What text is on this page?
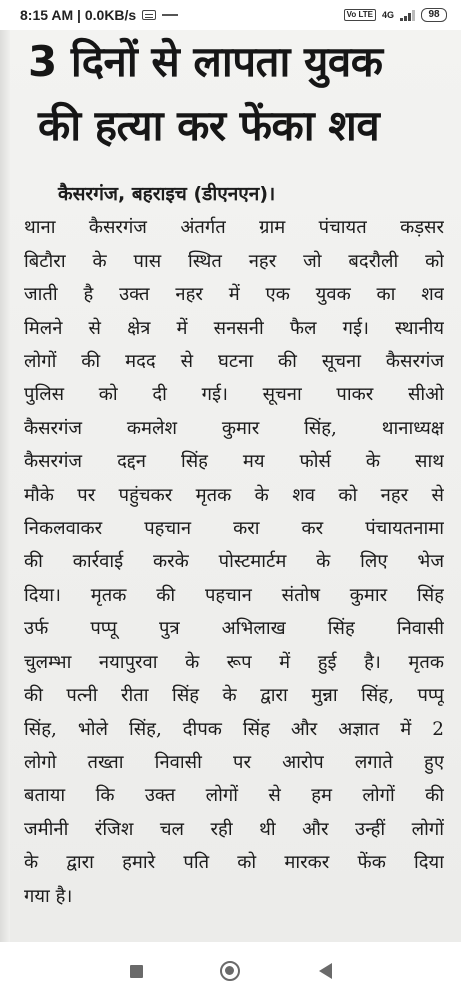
8:15 AM | 0.0KB/s	Vo LTE	4G	98
3 दिनों से लापता युवक
की हत्या कर फेंका शव
कैसरगंज, बहराइच (डीएनएन)।
थाना कैसरगंज अंतर्गत ग्राम पंचायत कड़सर
बिटौरा के पास स्थित नहर जो बदरौली को
जाती है उक्त नहर में एक युवक का शव
मिलने से क्षेत्र में सनसनी फैल गई। स्थानीय
लोगों की मदद से घटना की सूचना कैसरगंज
पुलिस को दी गई। सूचना पाकर सीओ
कैसरगंज कमलेश कुमार सिंह, थानाध्यक्ष
कैसरगंज दद्दन सिंह मय फोर्स के साथ
मौके पर पहुंचकर मृतक के शव को नहर से
निकलवाकर पहचान करा कर पंचायतनामा
की कार्रवाई करके पोस्टमार्टम के लिए भेज
दिया। मृतक की पहचान संतोष कुमार सिंह
उर्फ पप्पू पुत्र अभिलाख सिंह निवासी
चुलम्भा नयापुरवा के रूप में हुई है। मृतक
की पत्नी रीता सिंह के द्वारा मुन्ना सिंह, पप्पू
सिंह, भोले सिंह, दीपक सिंह और अज्ञात में 2
लोगो तख्ता निवासी पर आरोप लगाते हुए
बताया कि उक्त लोगों से हम लोगों की
जमीनी रंजिश चल रही थी और उन्हीं लोगों
के द्वारा हमारे पति को मारकर फेंक दिया
गया है।
